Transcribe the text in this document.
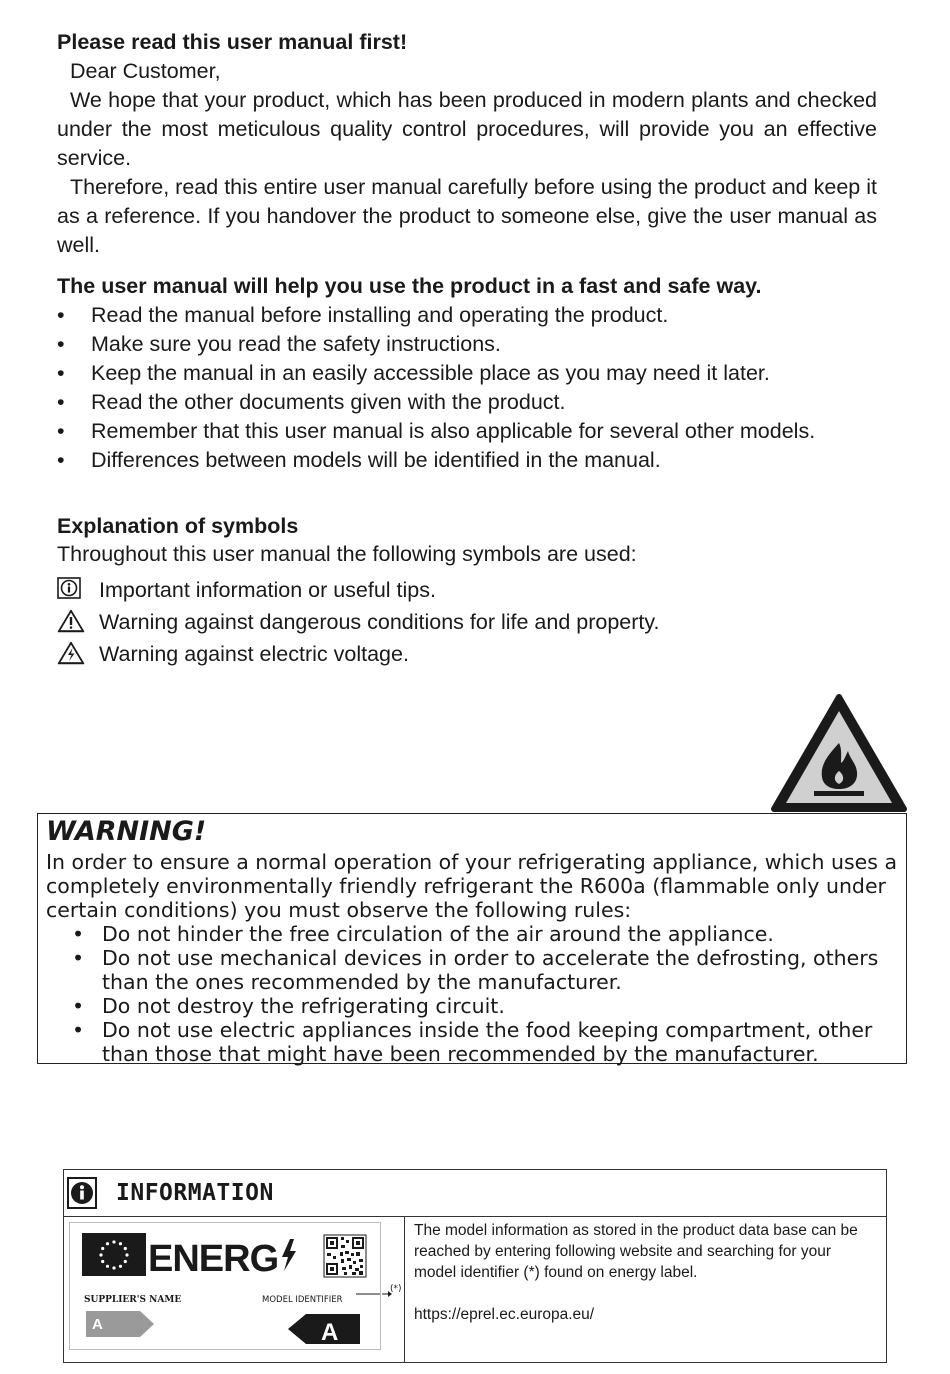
Please read this user manual first!

Dear Customer,

We hope that your product, which has been produced in modern plants and checked under the most meticulous quality control procedures, will provide you an effective service.

Therefore, read this entire user manual carefully before using the product and keep it as a reference. If you handover the product to someone else, give the user manual as well.

The user manual will help you use the product in a fast and safe way.

•	Read the manual before installing and operating the product.
•	Make sure you read the safety instructions.
•	Keep the manual in an easily accessible place as you may need it later.
•	Read the other documents given with the product.
•	Remember that this user manual is also applicable for several other models.
•	Differences between models will be identified in the manual.

Explanation of symbols

Throughout this user manual the following symbols are used:

Important information or useful tips.
Warning against dangerous conditions for life and property.
Warning against electric voltage.
WARNING!

In order to ensure a normal operation of your refrigerating appliance, which uses a completely environmentally friendly refrigerant the R600a (flammable only under certain conditions) you must observe the following rules:

• Do not hinder the free circulation of the air around the appliance.
• Do not use mechanical devices in order to accelerate the defrosting, others than the ones recommended by the manufacturer.
• Do not destroy the refrigerating circuit.
• Do not use electric appliances inside the food keeping compartment, other than those that might have been recommended by the manufacturer.
INFORMATION
ENERG
SUPPLIER'S NAME	MODEL IDENTIFIER
A	A
(*)

The model information as stored in the product data base can be reached by entering following website and searching for your model identifier (*) found on energy label.

https://eprel.ec.europa.eu/
